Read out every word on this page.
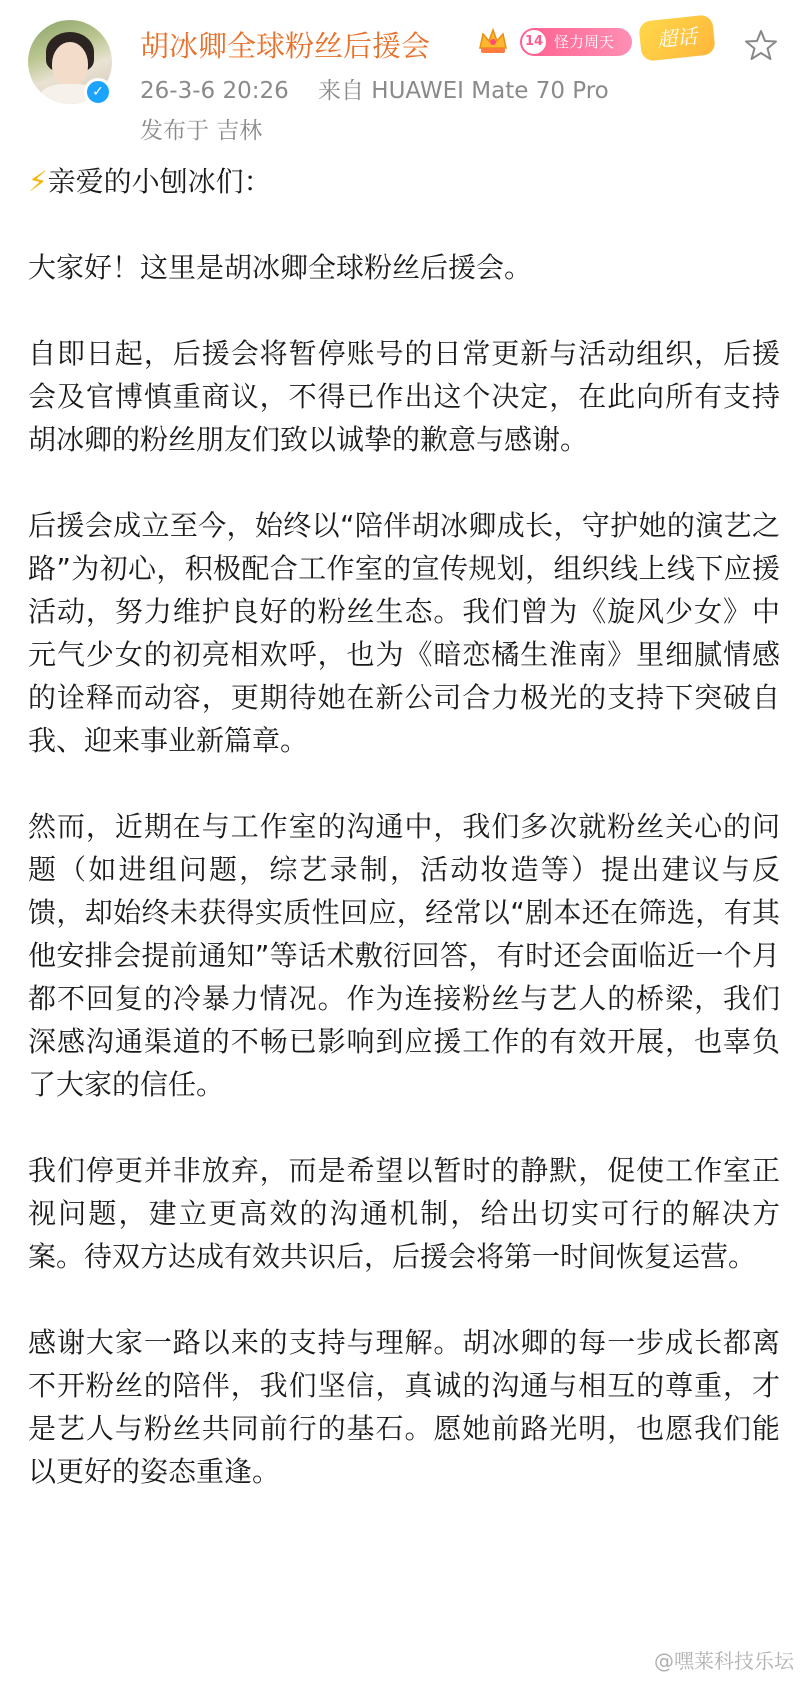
✓
胡冰卿全球粉丝后援会	14 怪力周天	超话
26-3-6 20:26 来自 HUAWEI Mate 70 Pro
发布于 吉林

⚡亲爱的小刨冰们：

大家好！这里是胡冰卿全球粉丝后援会。

自即日起，后援会将暂停账号的日常更新与活动组织，后援会及官博慎重商议，不得已作出这个决定，在此向所有支持胡冰卿的粉丝朋友们致以诚挚的歉意与感谢。

后援会成立至今，始终以“陪伴胡冰卿成长，守护她的演艺之路”为初心，积极配合工作室的宣传规划，组织线上线下应援活动，努力维护良好的粉丝生态。我们曾为《旋风少女》中元气少女的初亮相欢呼，也为《暗恋橘生淮南》里细腻情感的诠释而动容，更期待她在新公司合力极光的支持下突破自我、迎来事业新篇章。

然而，近期在与工作室的沟通中，我们多次就粉丝关心的问题（如进组问题，综艺录制，活动妆造等）提出建议与反馈，却始终未获得实质性回应，经常以“剧本还在筛选，有其他安排会提前通知”等话术敷衍回答，有时还会面临近一个月都不回复的冷暴力情况。作为连接粉丝与艺人的桥梁，我们深感沟通渠道的不畅已影响到应援工作的有效开展，也辜负了大家的信任。

我们停更并非放弃，而是希望以暂时的静默，促使工作室正视问题，建立更高效的沟通机制，给出切实可行的解决方案。待双方达成有效共识后，后援会将第一时间恢复运营。

感谢大家一路以来的支持与理解。胡冰卿的每一步成长都离不开粉丝的陪伴，我们坚信，真诚的沟通与相互的尊重，才是艺人与粉丝共同前行的基石。愿她前路光明，也愿我们能以更好的姿态重逢。

@嘿莱科技乐坛
